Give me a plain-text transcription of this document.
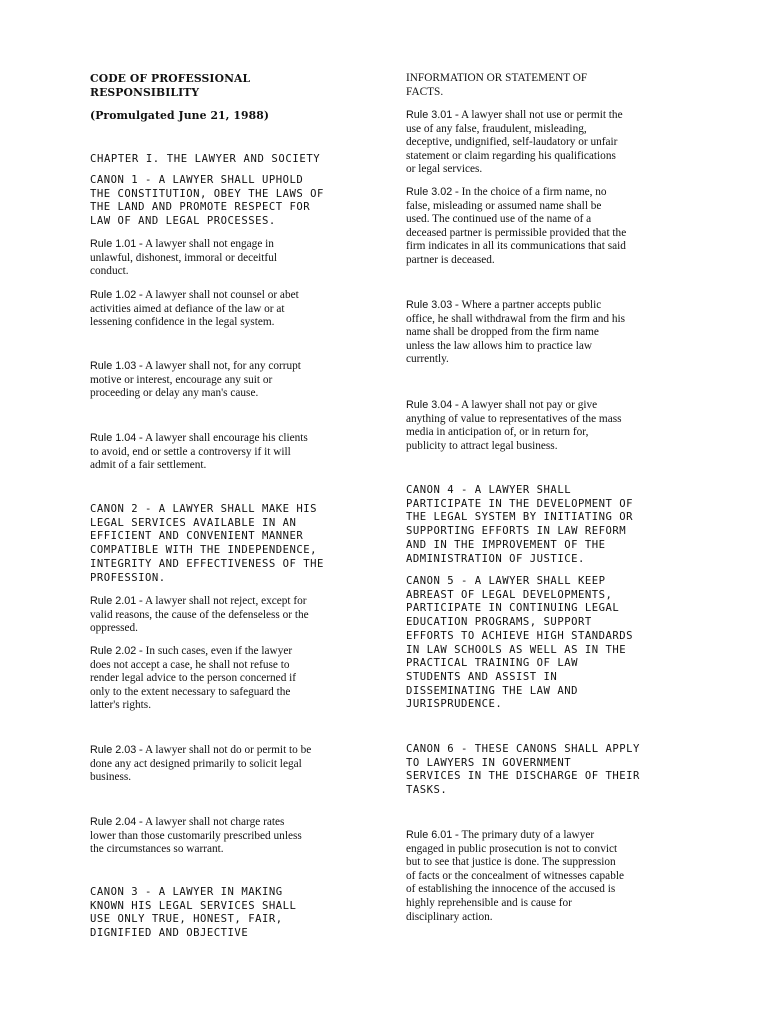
CODE OF PROFESSIONAL
RESPONSIBILITY
(Promulgated June 21, 1988)
CHAPTER I. THE LAWYER AND SOCIETY
CANON 1 - A LAWYER SHALL UPHOLD
THE CONSTITUTION, OBEY THE LAWS OF
THE LAND AND PROMOTE RESPECT FOR
LAW OF AND LEGAL PROCESSES.
Rule 1.01 - A lawyer shall not engage in
unlawful, dishonest, immoral or deceitful
conduct.
Rule 1.02 - A lawyer shall not counsel or abet
activities aimed at defiance of the law or at
lessening confidence in the legal system.
Rule 1.03 - A lawyer shall not, for any corrupt
motive or interest, encourage any suit or
proceeding or delay any man's cause.
Rule 1.04 - A lawyer shall encourage his clients
to avoid, end or settle a controversy if it will
admit of a fair settlement.
CANON 2 - A LAWYER SHALL MAKE HIS
LEGAL SERVICES AVAILABLE IN AN
EFFICIENT AND CONVENIENT MANNER
COMPATIBLE WITH THE INDEPENDENCE,
INTEGRITY AND EFFECTIVENESS OF THE
PROFESSION.
Rule 2.01 - A lawyer shall not reject, except for
valid reasons, the cause of the defenseless or the
oppressed.
Rule 2.02 - In such cases, even if the lawyer
does not accept a case, he shall not refuse to
render legal advice to the person concerned if
only to the extent necessary to safeguard the
latter's rights.
Rule 2.03 - A lawyer shall not do or permit to be
done any act designed primarily to solicit legal
business.
Rule 2.04 - A lawyer shall not charge rates
lower than those customarily prescribed unless
the circumstances so warrant.
CANON 3 - A LAWYER IN MAKING
KNOWN HIS LEGAL SERVICES SHALL
USE ONLY TRUE, HONEST, FAIR,
DIGNIFIED AND OBJECTIVE
INFORMATION OR STATEMENT OF
FACTS.
Rule 3.01 - A lawyer shall not use or permit the
use of any false, fraudulent, misleading,
deceptive, undignified, self-laudatory or unfair
statement or claim regarding his qualifications
or legal services.
Rule 3.02 - In the choice of a firm name, no
false, misleading or assumed name shall be
used. The continued use of the name of a
deceased partner is permissible provided that the
firm indicates in all its communications that said
partner is deceased.
Rule 3.03 - Where a partner accepts public
office, he shall withdrawal from the firm and his
name shall be dropped from the firm name
unless the law allows him to practice law
currently.
Rule 3.04 - A lawyer shall not pay or give
anything of value to representatives of the mass
media in anticipation of, or in return for,
publicity to attract legal business.
CANON 4 - A LAWYER SHALL
PARTICIPATE IN THE DEVELOPMENT OF
THE LEGAL SYSTEM BY INITIATING OR
SUPPORTING EFFORTS IN LAW REFORM
AND IN THE IMPROVEMENT OF THE
ADMINISTRATION OF JUSTICE.
CANON 5 - A LAWYER SHALL KEEP
ABREAST OF LEGAL DEVELOPMENTS,
PARTICIPATE IN CONTINUING LEGAL
EDUCATION PROGRAMS, SUPPORT
EFFORTS TO ACHIEVE HIGH STANDARDS
IN LAW SCHOOLS AS WELL AS IN THE
PRACTICAL TRAINING OF LAW
STUDENTS AND ASSIST IN
DISSEMINATING THE LAW AND
JURISPRUDENCE.
CANON 6 - THESE CANONS SHALL APPLY
TO LAWYERS IN GOVERNMENT
SERVICES IN THE DISCHARGE OF THEIR
TASKS.
Rule 6.01 - The primary duty of a lawyer
engaged in public prosecution is not to convict
but to see that justice is done. The suppression
of facts or the concealment of witnesses capable
of establishing the innocence of the accused is
highly reprehensible and is cause for
disciplinary action.
